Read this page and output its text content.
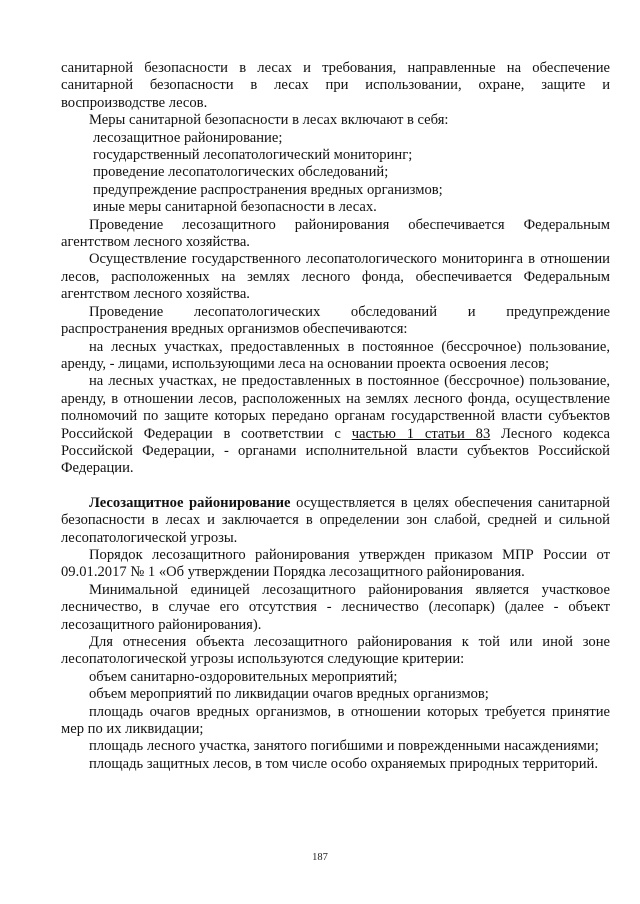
санитарной безопасности в лесах и требования, направленные на обеспечение санитарной безопасности в лесах при использовании, охране, защите и воспроизводстве лесов.

Меры санитарной безопасности в лесах включают в себя:

лесозащитное районирование;

государственный лесопатологический мониторинг;

проведение лесопатологических обследований;

предупреждение распространения вредных организмов;

иные меры санитарной безопасности в лесах.

Проведение лесозащитного районирования обеспечивается Федеральным агентством лесного хозяйства.

Осуществление государственного лесопатологического мониторинга в отношении лесов, расположенных на землях лесного фонда, обеспечивается Федеральным агентством лесного хозяйства.

Проведение лесопатологических обследований и предупреждение распространения вредных организмов обеспечиваются:

на лесных участках, предоставленных в постоянное (бессрочное) пользование, аренду, - лицами, использующими леса на основании проекта освоения лесов;

на лесных участках, не предоставленных в постоянное (бессрочное) пользование, аренду, в отношении лесов, расположенных на землях лесного фонда, осуществление полномочий по защите которых передано органам государственной власти субъектов Российской Федерации в соответствии с частью 1 статьи 83 Лесного кодекса Российской Федерации, - органами исполнительной власти субъектов Российской Федерации.

Лесозащитное районирование осуществляется в целях обеспечения санитарной безопасности в лесах и заключается в определении зон слабой, средней и сильной лесопатологической угрозы.

Порядок лесозащитного районирования утвержден приказом МПР России от 09.01.2017 № 1 «Об утверждении Порядка лесозащитного районирования.

Минимальной единицей лесозащитного районирования является участковое лесничество, в случае его отсутствия - лесничество (лесопарк) (далее - объект лесозащитного районирования).

Для отнесения объекта лесозащитного районирования к той или иной зоне лесопатологической угрозы используются следующие критерии:

объем санитарно-оздоровительных мероприятий;

объем мероприятий по ликвидации очагов вредных организмов;

площадь очагов вредных организмов, в отношении которых требуется принятие мер по их ликвидации;

площадь лесного участка, занятого погибшими и поврежденными насаждениями;

площадь защитных лесов, в том числе особо охраняемых природных территорий.

187
